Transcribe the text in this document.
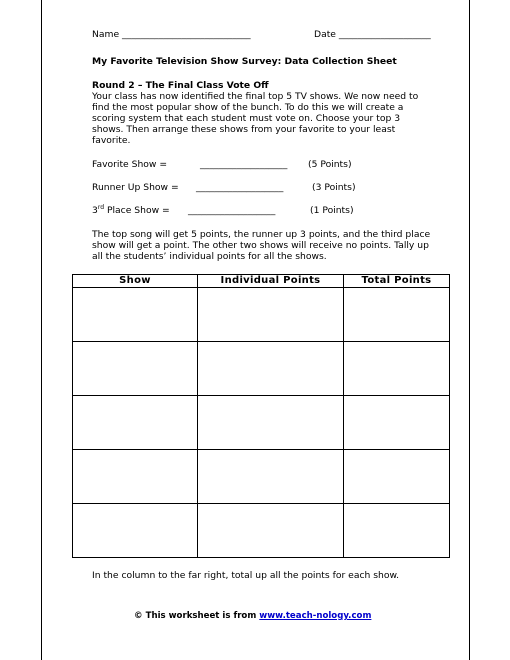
Name ____________________________	Date ____________________
My Favorite Television Show Survey: Data Collection Sheet
Round 2 – The Final Class Vote Off
Your class has now identified the final top 5 TV shows. We now need to find the most popular show of the bunch. To do this we will create a scoring system that each student must vote on. Choose your top 3 shows. Then arrange these shows from your favorite to your least favorite.
Favorite Show =	___________________ (5 Points)
Runner Up Show = ___________________	(3 Points)
3rd Place Show = ___________________	(1 Points)
The top song will get 5 points, the runner up 3 points, and the third place show will get a point. The other two shows will receive no points. Tally up all the students’ individual points for all the shows.
Show	Individual Points	Total Points

In the column to the far right, total up all the points for each show.
© This worksheet is from www.teach-nology.com
